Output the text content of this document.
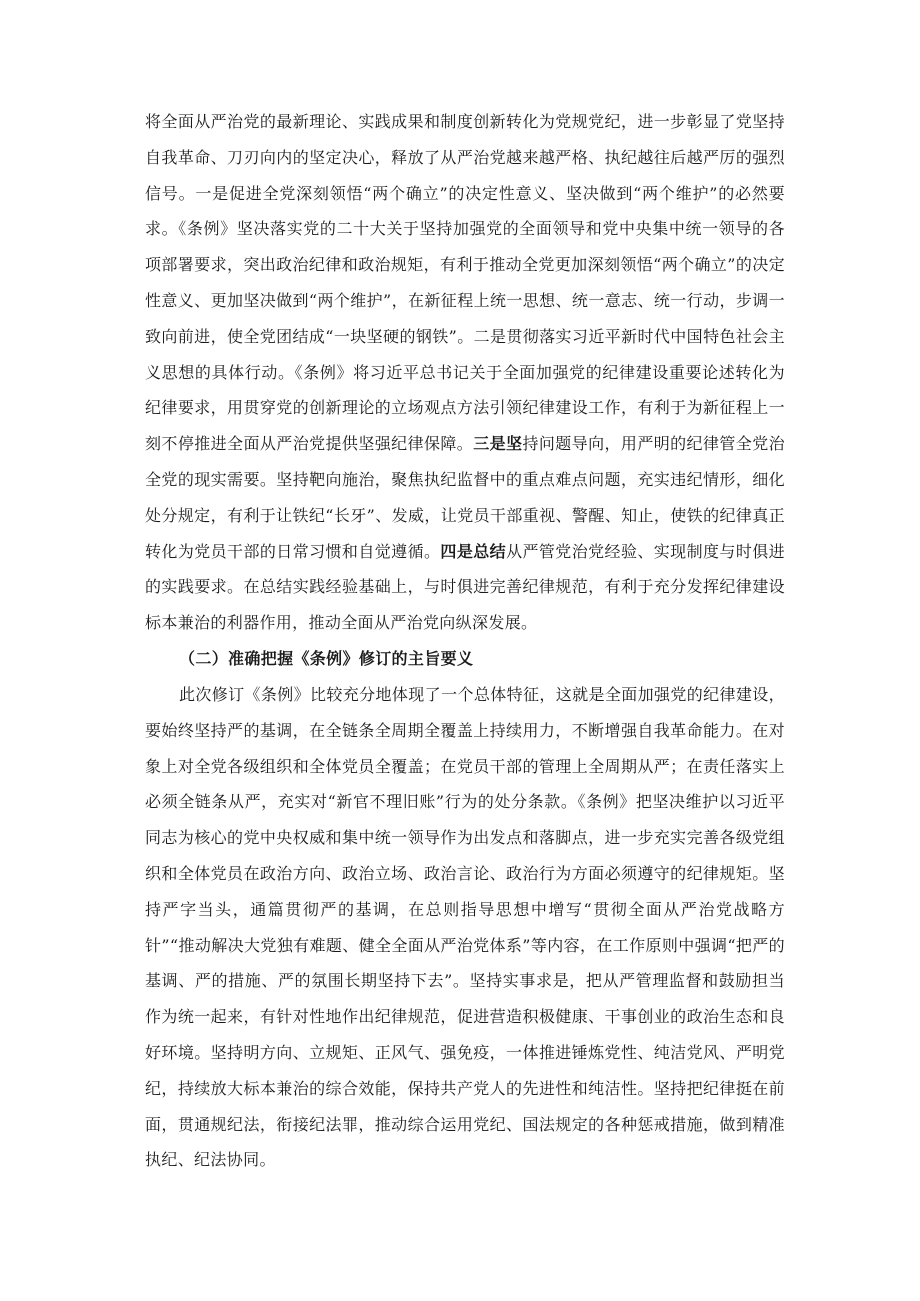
将全面从严治党的最新理论、实践成果和制度创新转化为党规党纪，进一步彰显了党坚持自我革命、刀刃向内的坚定决心，释放了从严治党越来越严格、执纪越往后越严厉的强烈信号。一是促进全党深刻领悟“两个确立”的决定性意义、坚决做到“两个维护”的必然要求。《条例》坚决落实党的二十大关于坚持加强党的全面领导和党中央集中统一领导的各项部署要求，突出政治纪律和政治规矩，有利于推动全党更加深刻领悟“两个确立”的决定性意义、更加坚决做到“两个维护”，在新征程上统一思想、统一意志、统一行动，步调一致向前进，使全党团结成“一块坚硬的钢铁”。二是贯彻落实习近平新时代中国特色社会主义思想的具体行动。《条例》将习近平总书记关于全面加强党的纪律建设重要论述转化为纪律要求，用贯穿党的创新理论的立场观点方法引领纪律建设工作，有利于为新征程上一刻不停推进全面从严治党提供坚强纪律保障。三是坚持问题导向，用严明的纪律管全党治全党的现实需要。坚持靶向施治，聚焦执纪监督中的重点难点问题，充实违纪情形，细化处分规定，有利于让铁纪“长牙”、发威，让党员干部重视、警醒、知止，使铁的纪律真正转化为党员干部的日常习惯和自觉遵循。四是总结从严管党治党经验、实现制度与时俱进的实践要求。在总结实践经验基础上，与时俱进完善纪律规范，有利于充分发挥纪律建设标本兼治的利器作用，推动全面从严治党向纵深发展。

（二）准确把握《条例》修订的主旨要义

此次修订《条例》比较充分地体现了一个总体特征，这就是全面加强党的纪律建设，要始终坚持严的基调，在全链条全周期全覆盖上持续用力，不断增强自我革命能力。在对象上对全党各级组织和全体党员全覆盖；在党员干部的管理上全周期从严；在责任落实上必须全链条从严，充实对“新官不理旧账”行为的处分条款。《条例》把坚决维护以习近平同志为核心的党中央权威和集中统一领导作为出发点和落脚点，进一步充实完善各级党组织和全体党员在政治方向、政治立场、政治言论、政治行为方面必须遵守的纪律规矩。坚持严字当头，通篇贯彻严的基调，在总则指导思想中增写“贯彻全面从严治党战略方针”“推动解决大党独有难题、健全全面从严治党体系”等内容，在工作原则中强调“把严的基调、严的措施、严的氛围长期坚持下去”。坚持实事求是，把从严管理监督和鼓励担当作为统一起来，有针对性地作出纪律规范，促进营造积极健康、干事创业的政治生态和良好环境。坚持明方向、立规矩、正风气、强免疫，一体推进锤炼党性、纯洁党风、严明党纪，持续放大标本兼治的综合效能，保持共产党人的先进性和纯洁性。坚持把纪律挺在前面，贯通规纪法，衔接纪法罪，推动综合运用党纪、国法规定的各种惩戒措施，做到精准执纪、纪法协同。
